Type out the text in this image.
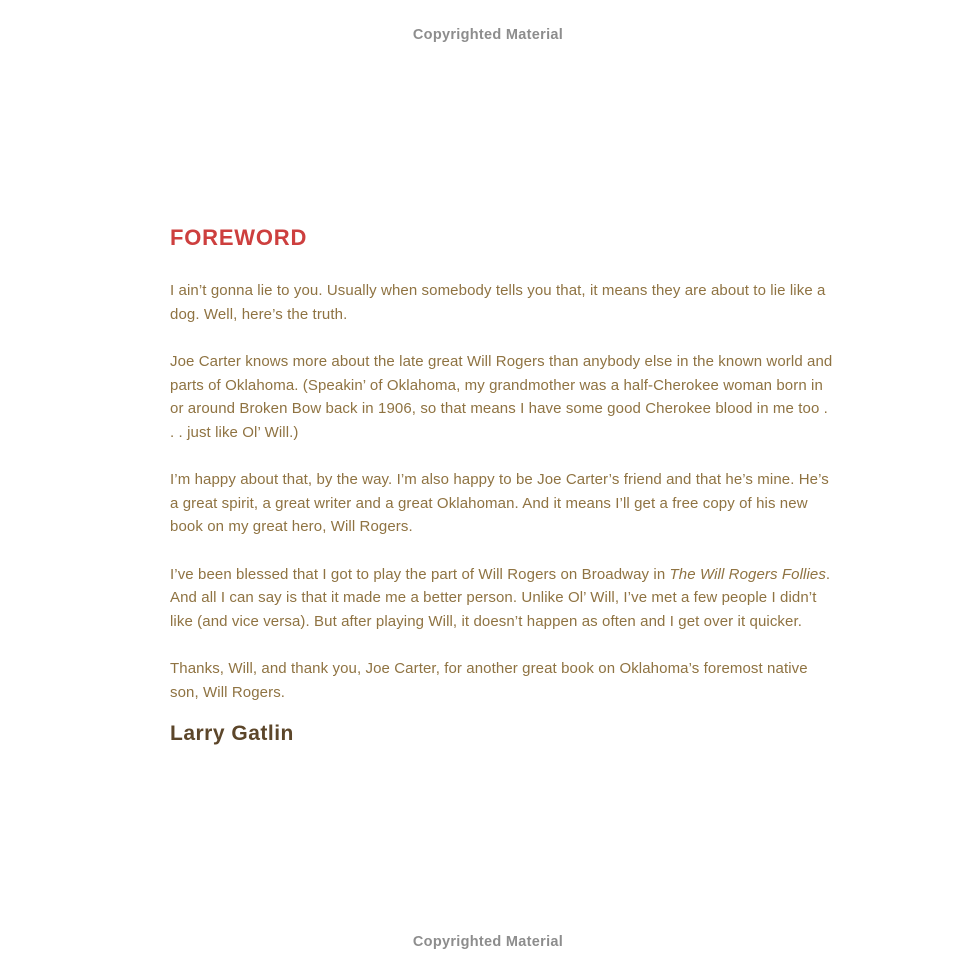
Copyrighted Material
FOREWORD

I ain’t gonna lie to you. Usually when somebody tells you that, it means they are about to lie like a dog. Well, here’s the truth.

Joe Carter knows more about the late great Will Rogers than anybody else in the known world and parts of Oklahoma. (Speakin’ of Oklahoma, my grandmother was a half-Cherokee woman born in or around Broken Bow back in 1906, so that means I have some good Cherokee blood in me too . . . just like Ol’ Will.)

I’m happy about that, by the way. I’m also happy to be Joe Carter’s friend and that he’s mine. He’s a great spirit, a great writer and a great Oklahoman. And it means I’ll get a free copy of his new book on my great hero, Will Rogers.

I’ve been blessed that I got to play the part of Will Rogers on Broadway in The Will Rogers Follies. And all I can say is that it made me a better person. Unlike Ol’ Will, I’ve met a few people I didn’t like (and vice versa). But after playing Will, it doesn’t happen as often and I get over it quicker.

Thanks, Will, and thank you, Joe Carter, for another great book on Oklahoma’s foremost native son, Will Rogers.

Larry Gatlin
Copyrighted Material
